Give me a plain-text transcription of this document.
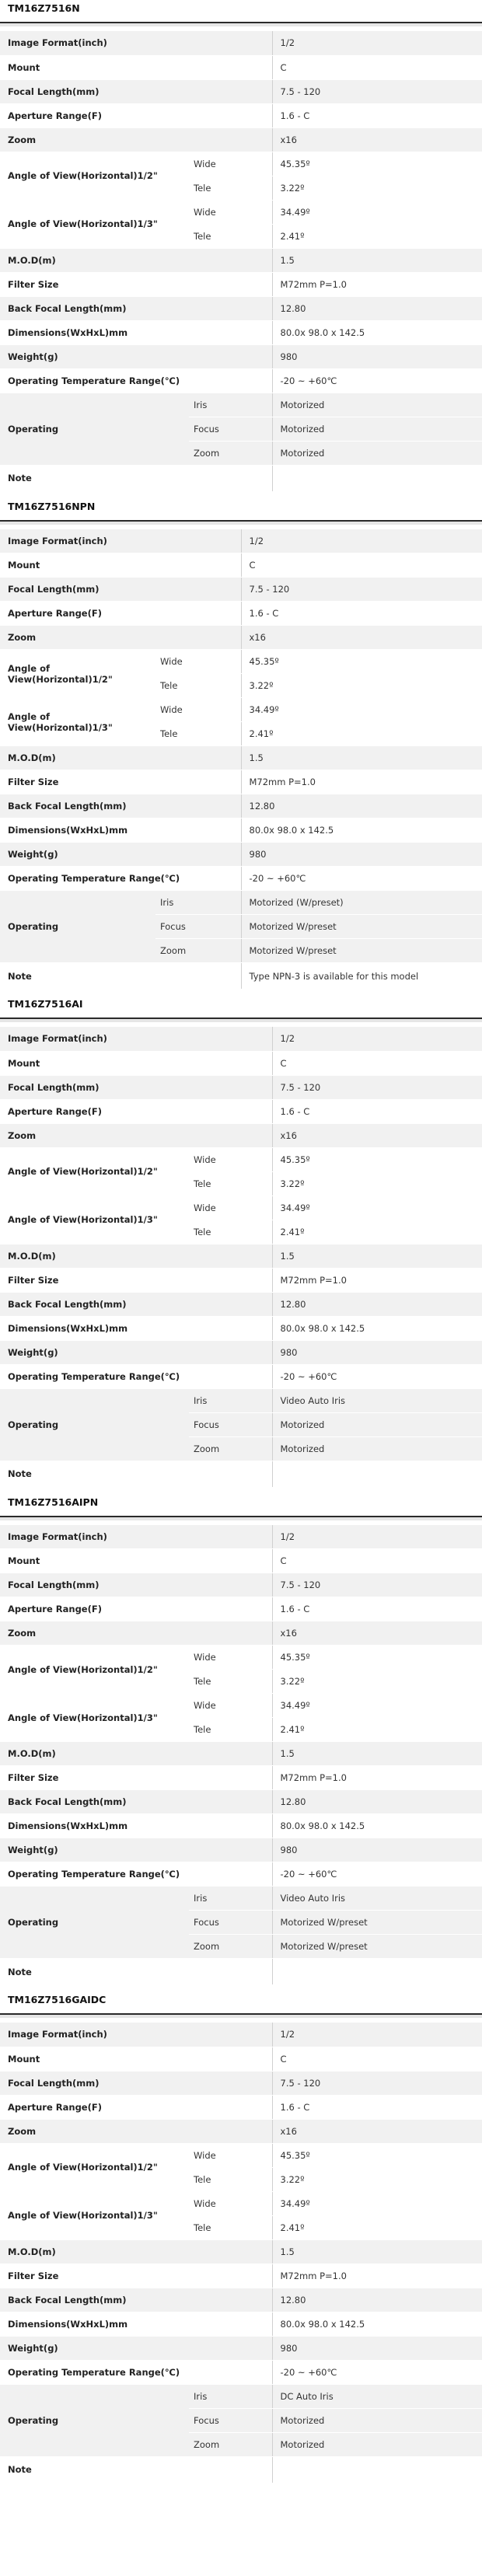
TM16Z7516N
Image Format(inch)		1/2
Mount		C
Focal Length(mm)		7.5 - 120
Aperture Range(F)		1.6 - C
Zoom		x16
Angle of View(Horizontal)1/2"	Wide	45.35º
	Tele	3.22º
Angle of View(Horizontal)1/3"	Wide	34.49º
	Tele	2.41º
M.O.D(m)		1.5
Filter Size		M72mm P=1.0
Back Focal Length(mm)		12.80
Dimensions(WxHxL)mm		80.0x 98.0 x 142.5
Weight(g)		980
Operating Temperature Range(℃)		-20 ~ +60℃
Operating	Iris	Motorized
	Focus	Motorized
	Zoom	Motorized
Note		
TM16Z7516NPN
Image Format(inch)		1/2
Mount		C
Focal Length(mm)		7.5 - 120
Aperture Range(F)		1.6 - C
Zoom		x16
Angle of View(Horizontal)1/2"	Wide	45.35º
	Tele	3.22º
Angle of View(Horizontal)1/3"	Wide	34.49º
	Tele	2.41º
M.O.D(m)		1.5
Filter Size		M72mm P=1.0
Back Focal Length(mm)		12.80
Dimensions(WxHxL)mm		80.0x 98.0 x 142.5
Weight(g)		980
Operating Temperature Range(℃)		-20 ~ +60℃
Operating	Iris	Motorized (W/preset)
	Focus	Motorized W/preset
	Zoom	Motorized W/preset
Note		Type NPN-3 is available for this model
TM16Z7516AI
Image Format(inch)		1/2
Mount		C
Focal Length(mm)		7.5 - 120
Aperture Range(F)		1.6 - C
Zoom		x16
Angle of View(Horizontal)1/2"	Wide	45.35º
	Tele	3.22º
Angle of View(Horizontal)1/3"	Wide	34.49º
	Tele	2.41º
M.O.D(m)		1.5
Filter Size		M72mm P=1.0
Back Focal Length(mm)		12.80
Dimensions(WxHxL)mm		80.0x 98.0 x 142.5
Weight(g)		980
Operating Temperature Range(℃)		-20 ~ +60℃
Operating	Iris	Video Auto Iris
	Focus	Motorized
	Zoom	Motorized
Note		
TM16Z7516AIPN
Image Format(inch)		1/2
Mount		C
Focal Length(mm)		7.5 - 120
Aperture Range(F)		1.6 - C
Zoom		x16
Angle of View(Horizontal)1/2"	Wide	45.35º
	Tele	3.22º
Angle of View(Horizontal)1/3"	Wide	34.49º
	Tele	2.41º
M.O.D(m)		1.5
Filter Size		M72mm P=1.0
Back Focal Length(mm)		12.80
Dimensions(WxHxL)mm		80.0x 98.0 x 142.5
Weight(g)		980
Operating Temperature Range(℃)		-20 ~ +60℃
Operating	Iris	Video Auto Iris
	Focus	Motorized W/preset
	Zoom	Motorized W/preset
Note		
TM16Z7516GAIDC
Image Format(inch)		1/2
Mount		C
Focal Length(mm)		7.5 - 120
Aperture Range(F)		1.6 - C
Zoom		x16
Angle of View(Horizontal)1/2"	Wide	45.35º
	Tele	3.22º
Angle of View(Horizontal)1/3"	Wide	34.49º
	Tele	2.41º
M.O.D(m)		1.5
Filter Size		M72mm P=1.0
Back Focal Length(mm)		12.80
Dimensions(WxHxL)mm		80.0x 98.0 x 142.5
Weight(g)		980
Operating Temperature Range(℃)		-20 ~ +60℃
Operating	Iris	DC Auto Iris
	Focus	Motorized
	Zoom	Motorized
Note		
